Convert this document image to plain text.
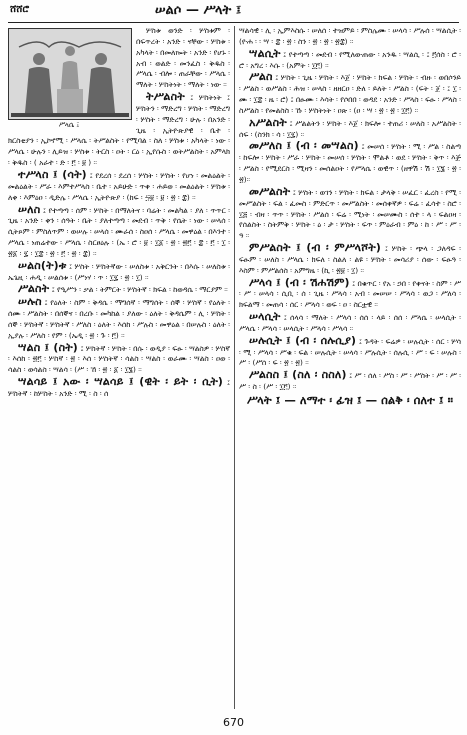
ሸሸሮ	ሠልሶ — ሥላት ፤
ሥላሴ ፤
ሦስቱ ወንድ ፡ ሦስቱም ፡ በፍጥረት ፡ አንድ ፡ ናቸው ፡ ሦስቱ ፡ አካላት ፡ በመለኰት ፡ አንድ ፡ የሆኑ ፡ አብ ፡ ወልድ ፡ መንፈስ ፡ ቅዱስ ፡ ሥላሴ ፡ ብሎ ፡ ጠራቸው ፡ ሥላሴ ፡ ማለት ፡ ሦስትነት ፡ ማለት ፡ ነው ።
ትሥልስት ፤ ሦስትነት ፤ ሦስትን ፡ ማድረግ ፡ ሦስት ፡ ማድረግ ፡ ሦስት ፡ ማድረግ ፡ ሁሉ ፡ በአንድ ፡ ጊዜ ፡ ኢትዮጵያዊ ፡ ቤተ ፡ ክርስቲያን ፡ ኢኮኖሚ ፡ ሥላሴ ፡ ትሥልስት ፡ የሚባል ፡ ስለ ፡ ሦስቱ ፡ አካላት ፡ ነው ፡ ሥላሴ ፡ ሁሉን ፡ ሊይዝ ፡ ሦስቱ ፡ ትርስ ፡ ዐት ፡ ርዕ ፡ ኢየሱስ ፡ ወትሥልስት ፡ አምላክ ፡ ቅዱስ ፡ ( አራተ ፡ ድ ፡ ፫ ፡ ፱ ) ።
ተሥላስ ፤ (ሳት) ፤ የደረሰ ፡ ደረሰ ፡ ሦስት ፡ ሦስት ፡ የሆነ ፡ መልዕልት ፡ መልዕልት ፡ ሥራ ፡ እምተሥላስ ፡ ቤተ ፡ አይሁድ ፡ ጥቀ ፡ ሐይወ ፡ መልዕልት ፡ ሦስቱ ፡ ለቀ ፡ እምዕዐ ፡ ዲድሌ ፡ ሥላሴ ፡ ኢትዮጵያ ፡ (ከፍ ፡ ፵፱ ፡ ፱ ፡ ፳ ፡ ፰) ።
ሠለስ ፤ የተጣጣ ፡ ሰም ፡ ሦስት ፡ በማለትና ፡ ባሬት ፡ መልካል ፡ ያለ ፡ ጥጥር ፡ ጊዜ ፡ አንድ ፡ ቀን ፡ ሰዓት ፡ ቤት ፡ ያለተጣጣ ፡ መደብ ፡ ጥቅ ፡ የሴት ፡ ነው ፡ ሠላሰ ፡ ሲትጶም ፡ ምስለጥም ፡ ወሠሉ ፡ ሠላሰ ፡ ሙራሰ ፡ ስዐሰ ፡ ሥላሴ ፡ መዋዕል ፡ በእንተ ፡ ሥላሴ ፡ ነጠሬተው ፡ ሥላሴ ፡ ስርፀዕሉ ፡ (ኤ ፡ ሮ ፡ ፱ ፡ ፲፩ ፡ ፳ ፡ ፳፫ ፡ ፰ ፡ ፫ ፡ ፲ ፡ ፳፩ ፡ ፯ ፡ ፲፰ ፡ ፳ ፡ ፫ ፡ ፳ ፡ ፰) ።
ሠልስ(ት)ቱ ፤ ሦስት ፡ ሦስትኛው ፡ ሠለስቱ ፡ አቅርንት ፡ በእሱ ፡ ሠለስቱ ፡ ኤጌዚ ፡ ሐዲ ፡ ሠልሰቱ ፡ (ሥነሃ ፡ ጥ ፡ ፲፯ ፡ ፳ ፡ ፲) ።
ሥልስት ፤ የዒሥን ፡ ቃል ፡ ትምርት ፡ ሦስትኛ ፡ ክፍል ፡ ከወዳሴ ፡ ማርያም ።
ሠሉስ ፤ የዕለት ፡ ስም ፡ ቅዳሴ ፡ ማግሰኛ ፡ ማግሰት ፡ ሰኞ ፡ ሦስኛ ፡ የዕለት ፡ ሰሙ ፡ ሥልስት ፡ በሰኞና ፡ በረቡ ፡ መካከል ፡ ያለው ፡ ዕለት ፡ ቅዳሴም ፡ ሊ ፡ ሦስት ፡ ሰኞ ፡ ሦስትኛ ፡ ሦስትኛ ፡ ሥለስ ፡ ዕለት ፡ እሰከ ፡ ሥሉስ ፡ መዋዕል ፡ በሠሉስ ፡ ዕለት ፡ ኢያሉ ፡ ሥለስ ፡ የም ፡ (ኤዲ ፡ ፳ ፡ ጉ ፡ ፫) ።
ሣልስ ፤ (ስት) ፤ ሦስትኛ ፡ ሦስት ፡ በሱ ፡ ወዲያ ፡ ፍፁ ፡ ሣልስዎ ፡ ሦስኛ ፡ እሰከ ፡ ፳፫ ፡ ሦስኛ ፡ ፳ ፡ እሰ ፡ ሦስትኛ ፡ ሳልስ ፡ ሣልስ ፡ ወራሙ ፡ ሣልስ ፡ ዐወ ፡ ሳልስ ፡ ወሳልስ ፡ ሣልሳ ፡ (ሥ ፡ ኸ ፡ ፳ ፡ ፩ ፡ ፲፮) ።
ሣልሳይ ፤ አው ፡ ሣልሳይ ፤ (ዊት ፡ ይት ፡ ሲት) ፤ ሦስትኛ ፡ ከሦስት ፡ አንድ ፡ ሚ ፡ ስ ፡ ሰ
ሣልሳዊ ፡ ሊ ፡ ኢምእስሱ ፡ ሠለሰ ፡ ተዝምይ ፡ ምስሌሙ ፡ ሠላሳ ፡ ሥሉሰ ፡ ሣልሲት ፡ (ዮሐ ፡ ፡ ሣ ፡ ፰ ፡ ፳ ፡ ስን ፡ ፳ ፡ ፳ ፡ ፳፰) ።
ሣልሲት ፤ የተጣጣ ፡ መደብ ፡ የሚለውጠው ፡ አንዱ ፡ ሣልሲ ፡ ፤ ፫ሰስ ፡ ሮ ፡ ሮ ፡ አግረ ፡ እሱ ፡ (አምት ፡ ፲፫) ።
ሥልስ ፤ ሦስት ፡ ጊዜ ፡ ሦስት ፡ እጀ ፡ ሦስት ፡ ክፍል ፡ ሦስት ፡ ብዙ ፡ ወበሶንይ ፡ ሥልስ ፡ ወሥልስ ፡ ሕዝ ፡ ሠላስ ፡ ዘዘርዐ ፡ ድለ ፡ ይለት ፡ ሥልስ ፡ (ፍት ፡ ጀ ፡ ፤ ፲ ፡ ሙ ፡ ፲፰ ፡ ዜ ፡ ሮ) ፤ በፁሙ ፡ እሳት ፡ የሶበበ ፡ ወዳደ ፡ አንድ ፡ ሥላስ ፡ ፍፁ ፡ ሥላስ ፡ ስሥልስ ፡ የመልስስ ፡ ኹ ፡ ሦስትነት ፡ ዐጵ ፡ (ዐ ፡ ሣ ፡ ፳ ፡ ፳ ፡ ፲፫) ።
አሥልስት ፤ ሥልልትን ፡ ሦስት ፡ እጀ ፡ ክፍሎ ፡ ተጠሪ ፡ ሠለስ ፡ አሥልስት ፡ ሰፍ ፡ (ስንክ ፡ ሳ ፡ ፲፯) ።
መሥለስ ፤ (ብ ፡ መሣልስ) ፤ መሠሰ ፡ ሦስት ፡ ሚ ፡ ሥል ፡ ስልጣ ፡ ከፍሎ ፡ ሦስት ፡ ሥራ ፡ ሦስት ፡ መሠሰ ፡ ሦስት ፡ ሞልቶ ፡ ወደ ፡ ሦስት ፡ ቅጥ ፡ እጅ ፡ ሥልስ ፡ የሚደርስ ፡ ሚዛን ፡ መሰልዐት ፡ የሥላሴ ፡ ወዊጥ ፡ (ዘዋሽ ፡ ሽ ፡ ፲፮ ፡ ፳ ፡ ፳)።
መሥልስት ፤ ሦስት ፡ ወገን ፡ ሦስት ፡ ክፍል ፡ ታላቅ ፡ ሠፈር ፡ ፈረስ ፡ የሚ ፡ መሥልስት ፡ ፍል ፡ ፈመስ ፡ ምድርጥ ፡ መሥልስት ፡ መሰቀኛዎ ፡ ፍሬ ፡ ፈሳተ ፡ ስሮ ፡ ፲፭ ፡ ብዛ ፡ ጥጥ ፡ ሦስት ፡ ሥልሰ ፡ ፍሬ ፡ ሚነት ፡ መሠሙስ ፡ ሰተ ፡ ላ ፡ ፍልዐዛ ፡ የሰልስት ፡ ስትምቅ ፡ ሦስት ፡ ዕ ፡ ታ ፡ ሦስት ፡ ፍጥ ፡ ምዕራብ ፡ ምዕ ፡ ከ ፡ ሥ ፡ ሥ ፡ ዓ ።
ምሥልስት ፤ (ብ ፡ ምሥላሾት) ፤ ሦስት ፡ ጭላ ፡ ጋለዳፍ ፡ ፍፁም ፡ ሠለስ ፡ ሥላሴ ፡ ክፍለ ፡ ስልለ ፡ ልዩ ፡ ሦስት ፡ መሳሪያ ፡ ሰው ፡ ፍፁዓ ፡ እስም ፡ ምሥልሰስ ፡ አምግዜ ፡ (ኪ ፡ ፳፱ ፡ ፲) ።
ሥላሳ ፤ (ብ ፡ ሽሐሽም) ፤ በቁጥር ፡ የአ ፡ ኃበ ፡ የቀናት ፡ ስም ፡ ሥ ፡ ሥ ፡ ሠላሳ ፡ ሲቢ ፡ ሰ ፡ ጊዜ ፡ ሥላሳ ፡ አብ ፡ መሠሠ ፡ ሥላሳ ፡ ወጋ ፡ ሥለሳ ፡ ክፍልማ ፡ መጠሳ ፡ ሰር ፡ ሥላሳ ፡ ወፍ ፡ ዐ ፡ ስርቷዊ ።
ሠላሲት ፤ ሰላሳ ፡ ማለት ፡ ሥላሳ ፡ ሰሰ ፡ ላይ ፡ ሰሰ ፡ ሥላሴ ፡ ሠላሲት ፡ ሥላሴ ፡ ሥላሳ ፡ ሠላሲት ፡ ሥላሳ ፡ ሥላሳ ።
ሠሉሲት ፤ (ብ ፡ ሰሉሲያ) ፤ ጉዳት ፡ ፍሬዎ ፡ ሠሉሲት ፡ ሰር ፡ ሦሳ ፡ ሚ ፡ ሥላሳ ፡ ሥቁ ፡ ፍል ፡ ሠሉሲት ፡ ሠላሳ ፡ ሥሉሲት ፡ ሰሉሲ ፡ ሥ ፡ ፍ ፡ ሠሉስ ፡ ሥ ፡ (ሥሰ ፡ ፍ ፡ ፳ ፡ ፳) ።
ሥልስስ ፤ (ስለ ፡ ስስለ) ፤ ሥ ፡ ሰለ ፡ ሥስ ፡ ሥ ፡ ሥስት ፡ ሥ ፡ ሥ ፡ ሥ ፡ ስ ፡ (ሥ ፡ ፲፫) ።
ሥላት ፤ — ለማተ ፡ ፊዝ ፤ — ሰልቅ ፡ ሰለተ ፤ ።
670
